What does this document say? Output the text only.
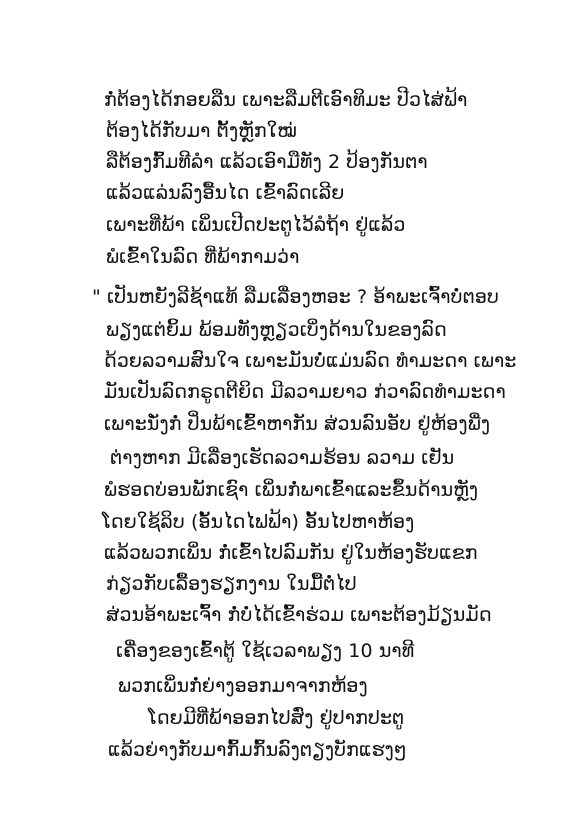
ກໍ່ຕ້ອງໄດ້ກອຍລືນ ເພາະລືມຕີເອົາທິມະ ປີວໄສ່ຟ້າ
ຕ້ອງໄດ້ກັບມາ ຕັ້ງຫຼັກໃໝ່
ລືຕ້ອງກົ້ມທີລຳ ແລ້ວເອົາມືທັງ 2 ປ້ອງກັນຕາ
ແລ້ວແລ່ນລົງອື້ນໄດ ເຂົ້າລົດເລີຍ
ເພາະທີ່ພ້າ ເພິ່ນເປີດປະຕູໄວ້ລໍຖ້າ ຢູ່ແລ້ວ
ພໍເຂົ້າໃນລົດ ທີ່ພ້າກາມວ່າ
" ເປັນຫຍັງລີຊ້າແທ້ ລືມເລື່ອງຫອະ ? ອ້າພະເຈົ້າບໍ່ຕອບ
ພຽງແຕ່ຍິ້ມ ພ້ອມທັງຫຼຽວເບິ່ງດ້ານໃນຂອງລົດ
ດ້ວຍລວາມສົນໃຈ ເພາະມັນບໍ່ແມ່ນລົດ ທຳມະດາ ເພາະ
ມັນເປັນລົດກຣູດຕີຍິດ ມີລວາມຍາວ ກ່ວາລົດທຳມະດາ
ເພາະນັ່ງກໍ່ ປິ່ນພ້າເຂົ້າຫາກັນ ສ່ວນລົນອັບ ຢູ່ຫ້ອງພື່ງ
ຕ່າງຫາກ ມີເລື່ອງເຮັດລວາມຮ້ອນ ລວາມ ເຢັນ
ພໍຮອດບ່ອນພັກເຊົາ ເພິ່ນກໍ່ພາເຂົ້າແລະຂຶ້ນດ້ານຫຼັງ
ໂດຍໃຊ້ລິບ (ອັ້ນໄດໄຟຟ້າ) ອັ້ນໄປຫາຫ້ອງ
ແລ້ວພວກເພິ່ນ ກໍ່ເຂົ້າໄປລົມກັນ ຢູ່ໃນຫ້ອງຮັບແຂກ
ກ່ຽວກັບເລື້ອງຮຽກງານ ໃນມື້ຕໍ່ໄປ
ສ່ວນອ້າພະເຈົ້າ ກໍ່ບໍ່ໄດ້ເຂົ້າຮ່ວມ ເພາະຕ້ອງມ້ຽນມັດ
ເຄື່ອງຂອງເຂົ້າຕູ້ ໃຊ້ເວລາພຽງ 10 ນາທີ
ພວກເພິ່ນກໍ່ຍ່າງອອກມາຈາກຫ້ອງ
ໂດຍມີທີ່ພ້າອອກໄປສົ່ງ ຢູ່ປາກປະຕູ
ແລ້ວຍ່າງກັບມາກົ້ມກົ້ນລົງຕຽງບັກແຮງໆ
